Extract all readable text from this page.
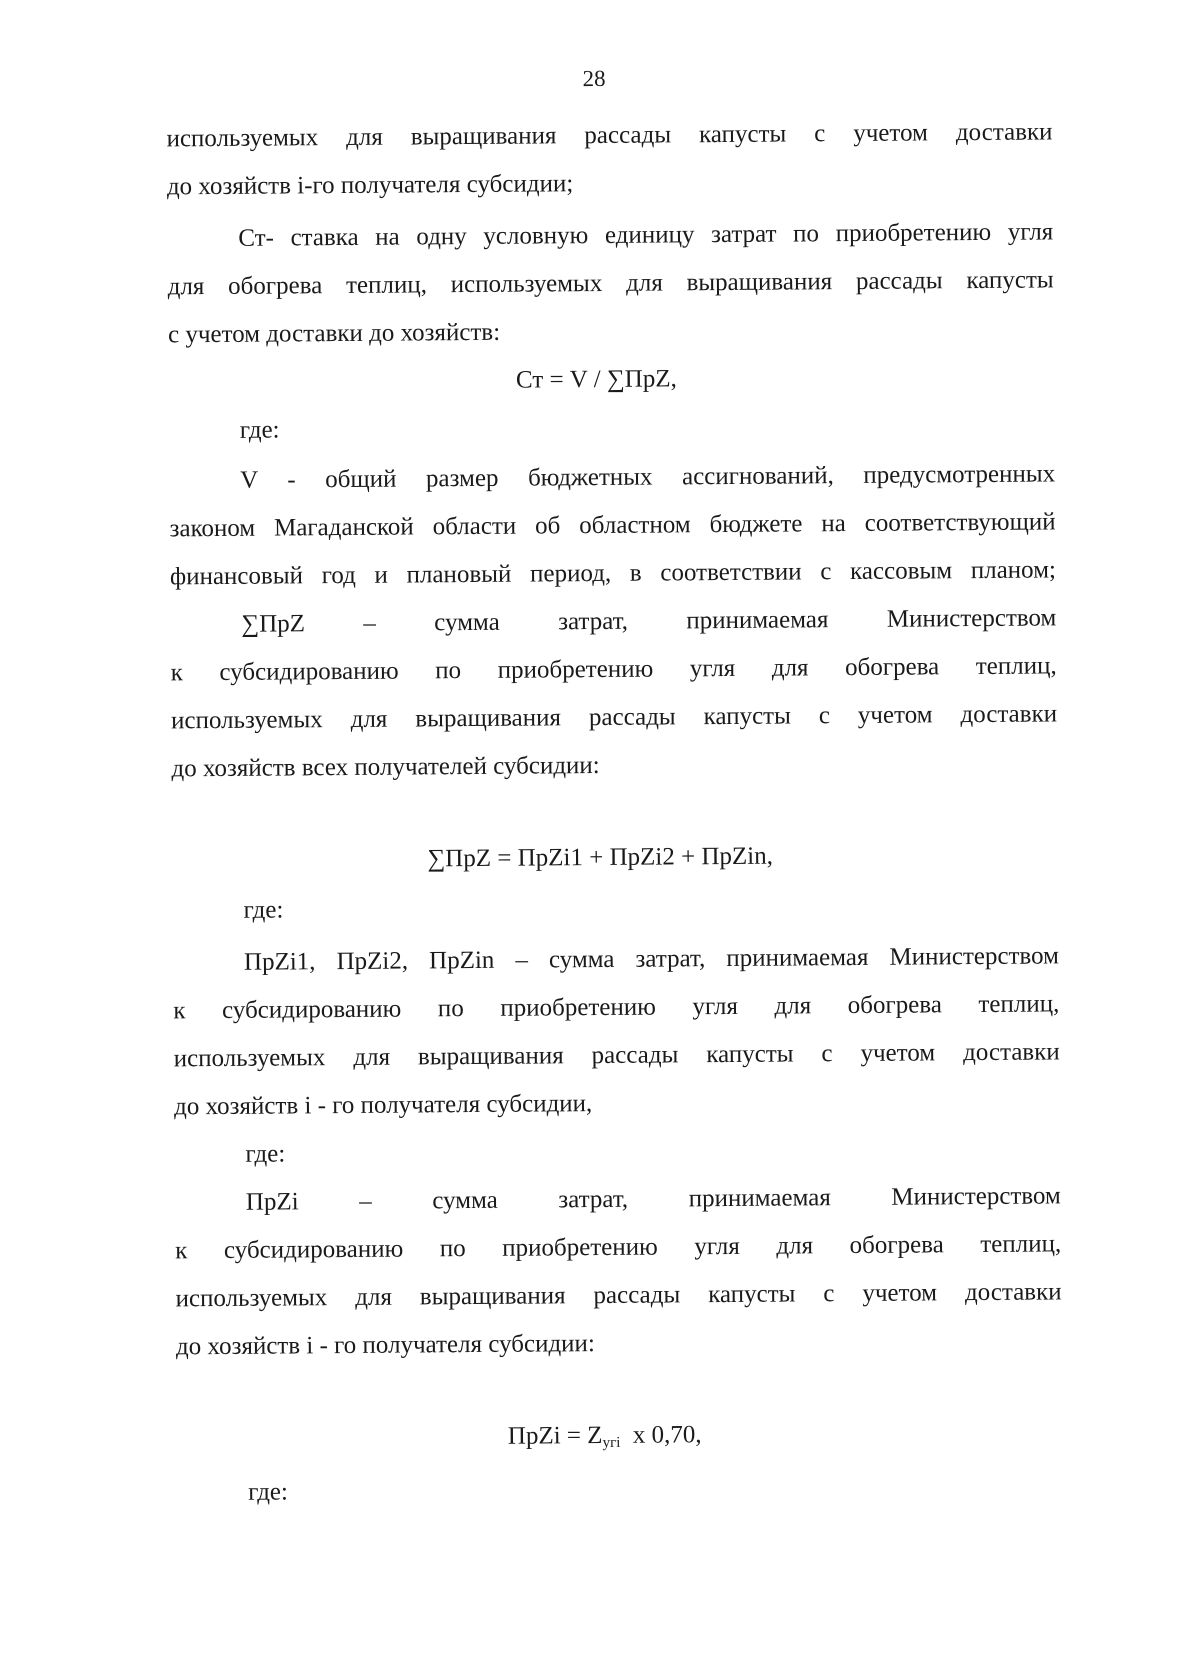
28
используемых для выращивания рассады капусты с учетом доставки
до хозяйств i-го получателя субсидии;
Ст- ставка на одну условную единицу затрат по приобретению угля
для обогрева теплиц, используемых для выращивания рассады капусты
с учетом доставки до хозяйств:
Ст = V / ∑ПрZ,
где:
V - общий размер бюджетных ассигнований, предусмотренных
законом Магаданской области об областном бюджете на соответствующий
финансовый год и плановый период, в соответствии с кассовым планом;
∑ПрZ – сумма затрат, принимаемая Министерством
к субсидированию по приобретению угля для обогрева теплиц,
используемых для выращивания рассады капусты с учетом доставки
до хозяйств всех получателей субсидии:
∑ПрZ = ПрZi1 + ПрZi2 + ПрZin,
где:
ПрZi1, ПрZi2, ПрZin – сумма затрат, принимаемая Министерством
к субсидированию по приобретению угля для обогрева теплиц,
используемых для выращивания рассады капусты с учетом доставки
до хозяйств i - го получателя субсидии,
где:
ПрZi – сумма затрат, принимаемая Министерством
к субсидированию по приобретению угля для обогрева теплиц,
используемых для выращивания рассады капусты с учетом доставки
до хозяйств i - го получателя субсидии:
ПрZi = $Z_{угi}$  х 0,70,
где:
